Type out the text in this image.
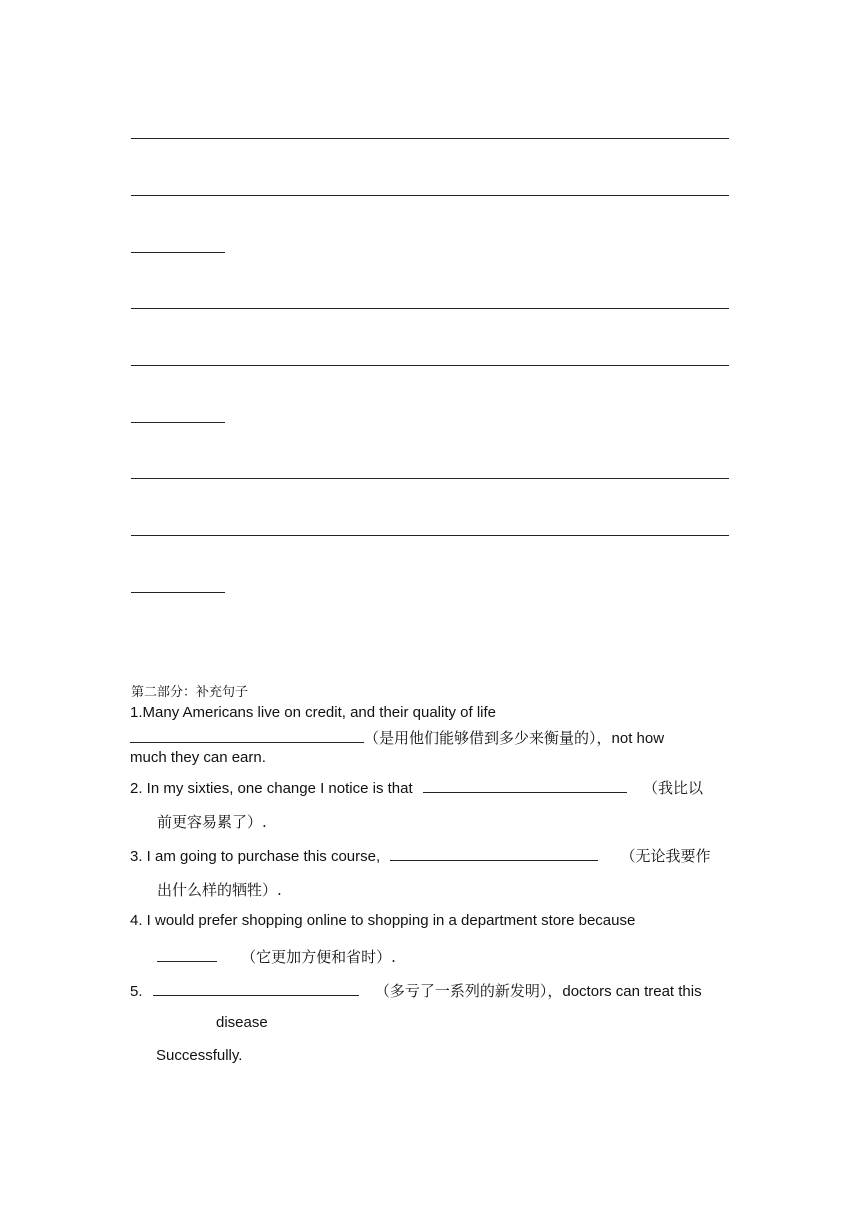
第二部分：补充句子
1.Many Americans live on credit, and their quality of life
（是用他们能够借到多少来衡量的），not how
much they can earn.
2. In my sixties, one change I notice is that	（我比以
前更容易累了）.
3. I am going to purchase this course,	（无论我要作
出什么样的牺牲）.
4. I would prefer shopping online to shopping in a department store because
（它更加方便和省时）.
5.	（多亏了一系列的新发明），doctors can treat this
disease
Successfully.
